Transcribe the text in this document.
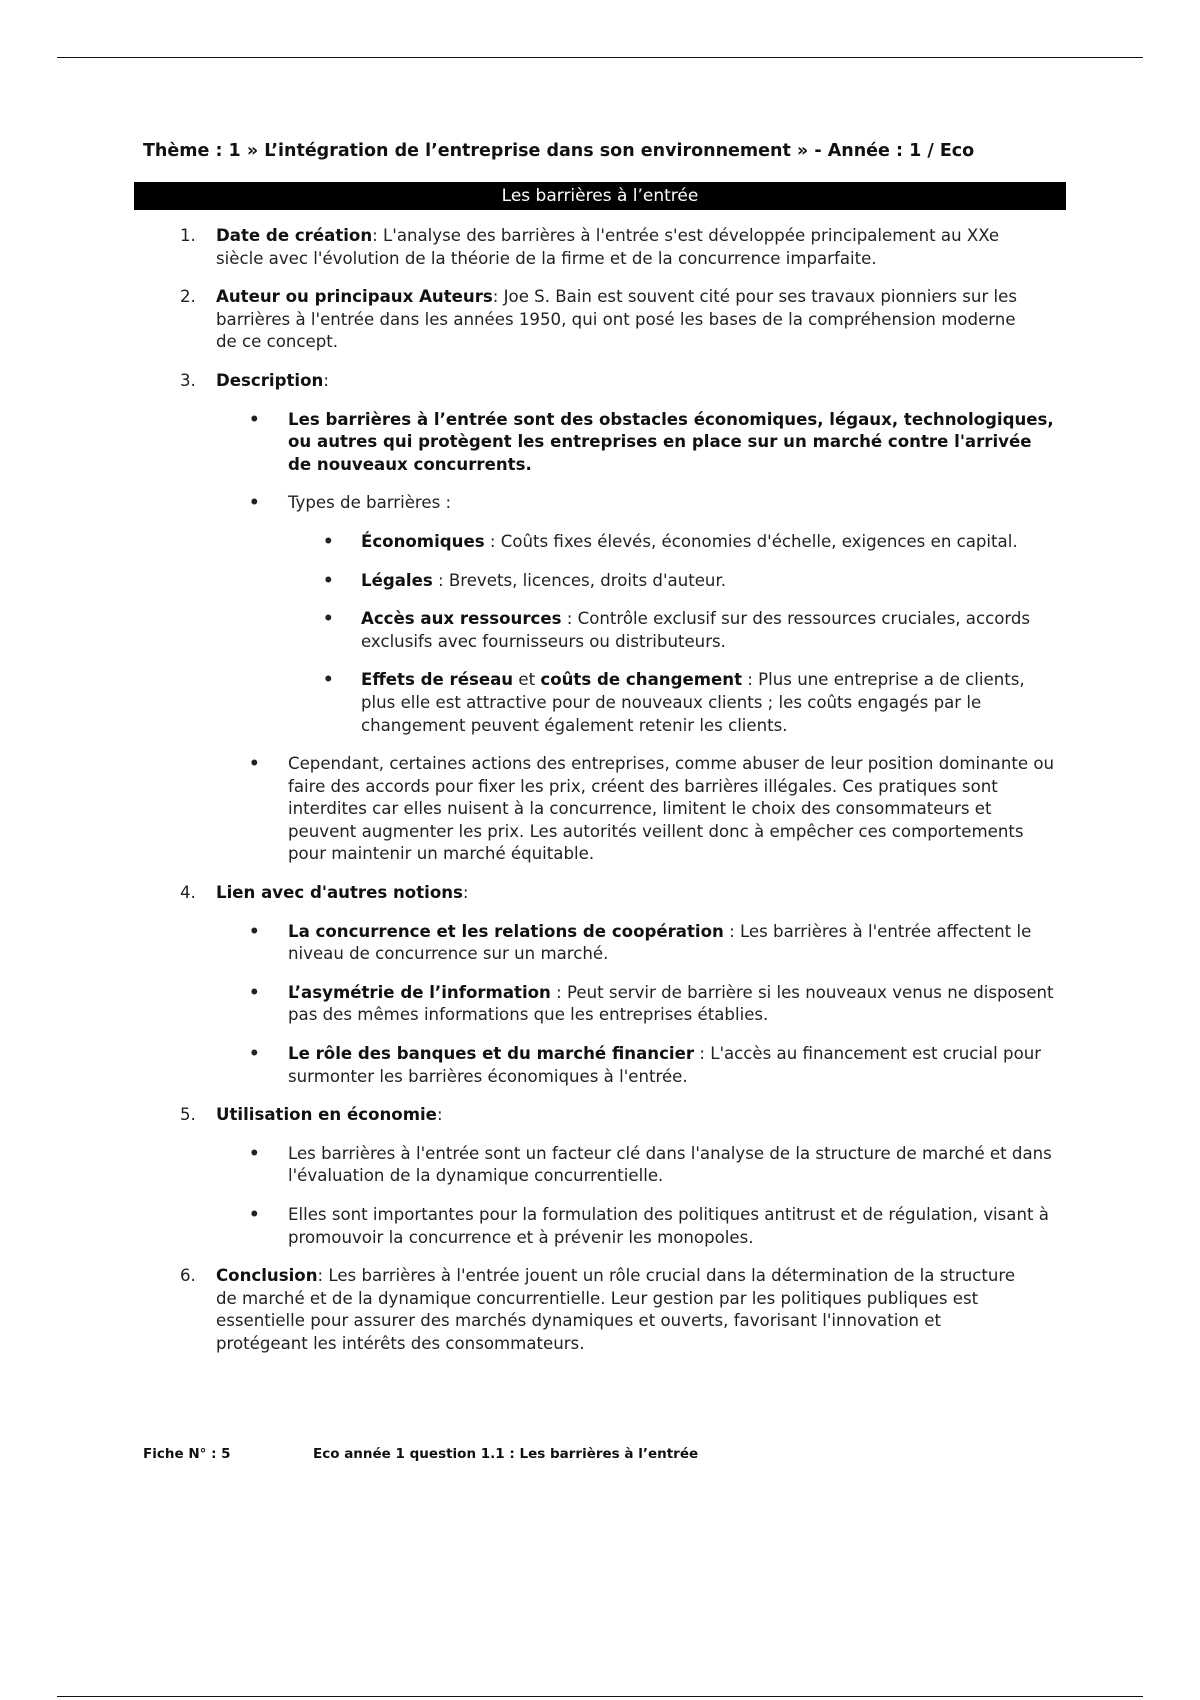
Thème : 1 » L’intégration de l’entreprise dans son environnement » - Année : 1 / Eco
Les barrières à l’entrée
1. Date de création: L'analyse des barrières à l'entrée s'est développée principalement au XXe siècle avec l'évolution de la théorie de la firme et de la concurrence imparfaite.
2. Auteur ou principaux Auteurs: Joe S. Bain est souvent cité pour ses travaux pionniers sur les barrières à l'entrée dans les années 1950, qui ont posé les bases de la compréhension moderne de ce concept.
3. Description:
• Les barrières à l’entrée sont des obstacles économiques, légaux, technologiques, ou autres qui protègent les entreprises en place sur un marché contre l'arrivée de nouveaux concurrents.
• Types de barrières :
• Économiques : Coûts fixes élevés, économies d'échelle, exigences en capital.
• Légales : Brevets, licences, droits d'auteur.
• Accès aux ressources : Contrôle exclusif sur des ressources cruciales, accords exclusifs avec fournisseurs ou distributeurs.
• Effets de réseau et coûts de changement : Plus une entreprise a de clients, plus elle est attractive pour de nouveaux clients ; les coûts engagés par le changement peuvent également retenir les clients.
• Cependant, certaines actions des entreprises, comme abuser de leur position dominante ou faire des accords pour fixer les prix, créent des barrières illégales. Ces pratiques sont interdites car elles nuisent à la concurrence, limitent le choix des consommateurs et peuvent augmenter les prix. Les autorités veillent donc à empêcher ces comportements pour maintenir un marché équitable.
4. Lien avec d'autres notions:
• La concurrence et les relations de coopération : Les barrières à l'entrée affectent le niveau de concurrence sur un marché.
• L’asymétrie de l’information : Peut servir de barrière si les nouveaux venus ne disposent pas des mêmes informations que les entreprises établies.
• Le rôle des banques et du marché financier : L'accès au financement est crucial pour surmonter les barrières économiques à l'entrée.
5. Utilisation en économie:
• Les barrières à l'entrée sont un facteur clé dans l'analyse de la structure de marché et dans l'évaluation de la dynamique concurrentielle.
• Elles sont importantes pour la formulation des politiques antitrust et de régulation, visant à promouvoir la concurrence et à prévenir les monopoles.
6. Conclusion: Les barrières à l'entrée jouent un rôle crucial dans la détermination de la structure de marché et de la dynamique concurrentielle. Leur gestion par les politiques publiques est essentielle pour assurer des marchés dynamiques et ouverts, favorisant l'innovation et protégeant les intérêts des consommateurs.
Fiche N° : 5	Eco année 1 question 1.1 : Les barrières à l’entrée
